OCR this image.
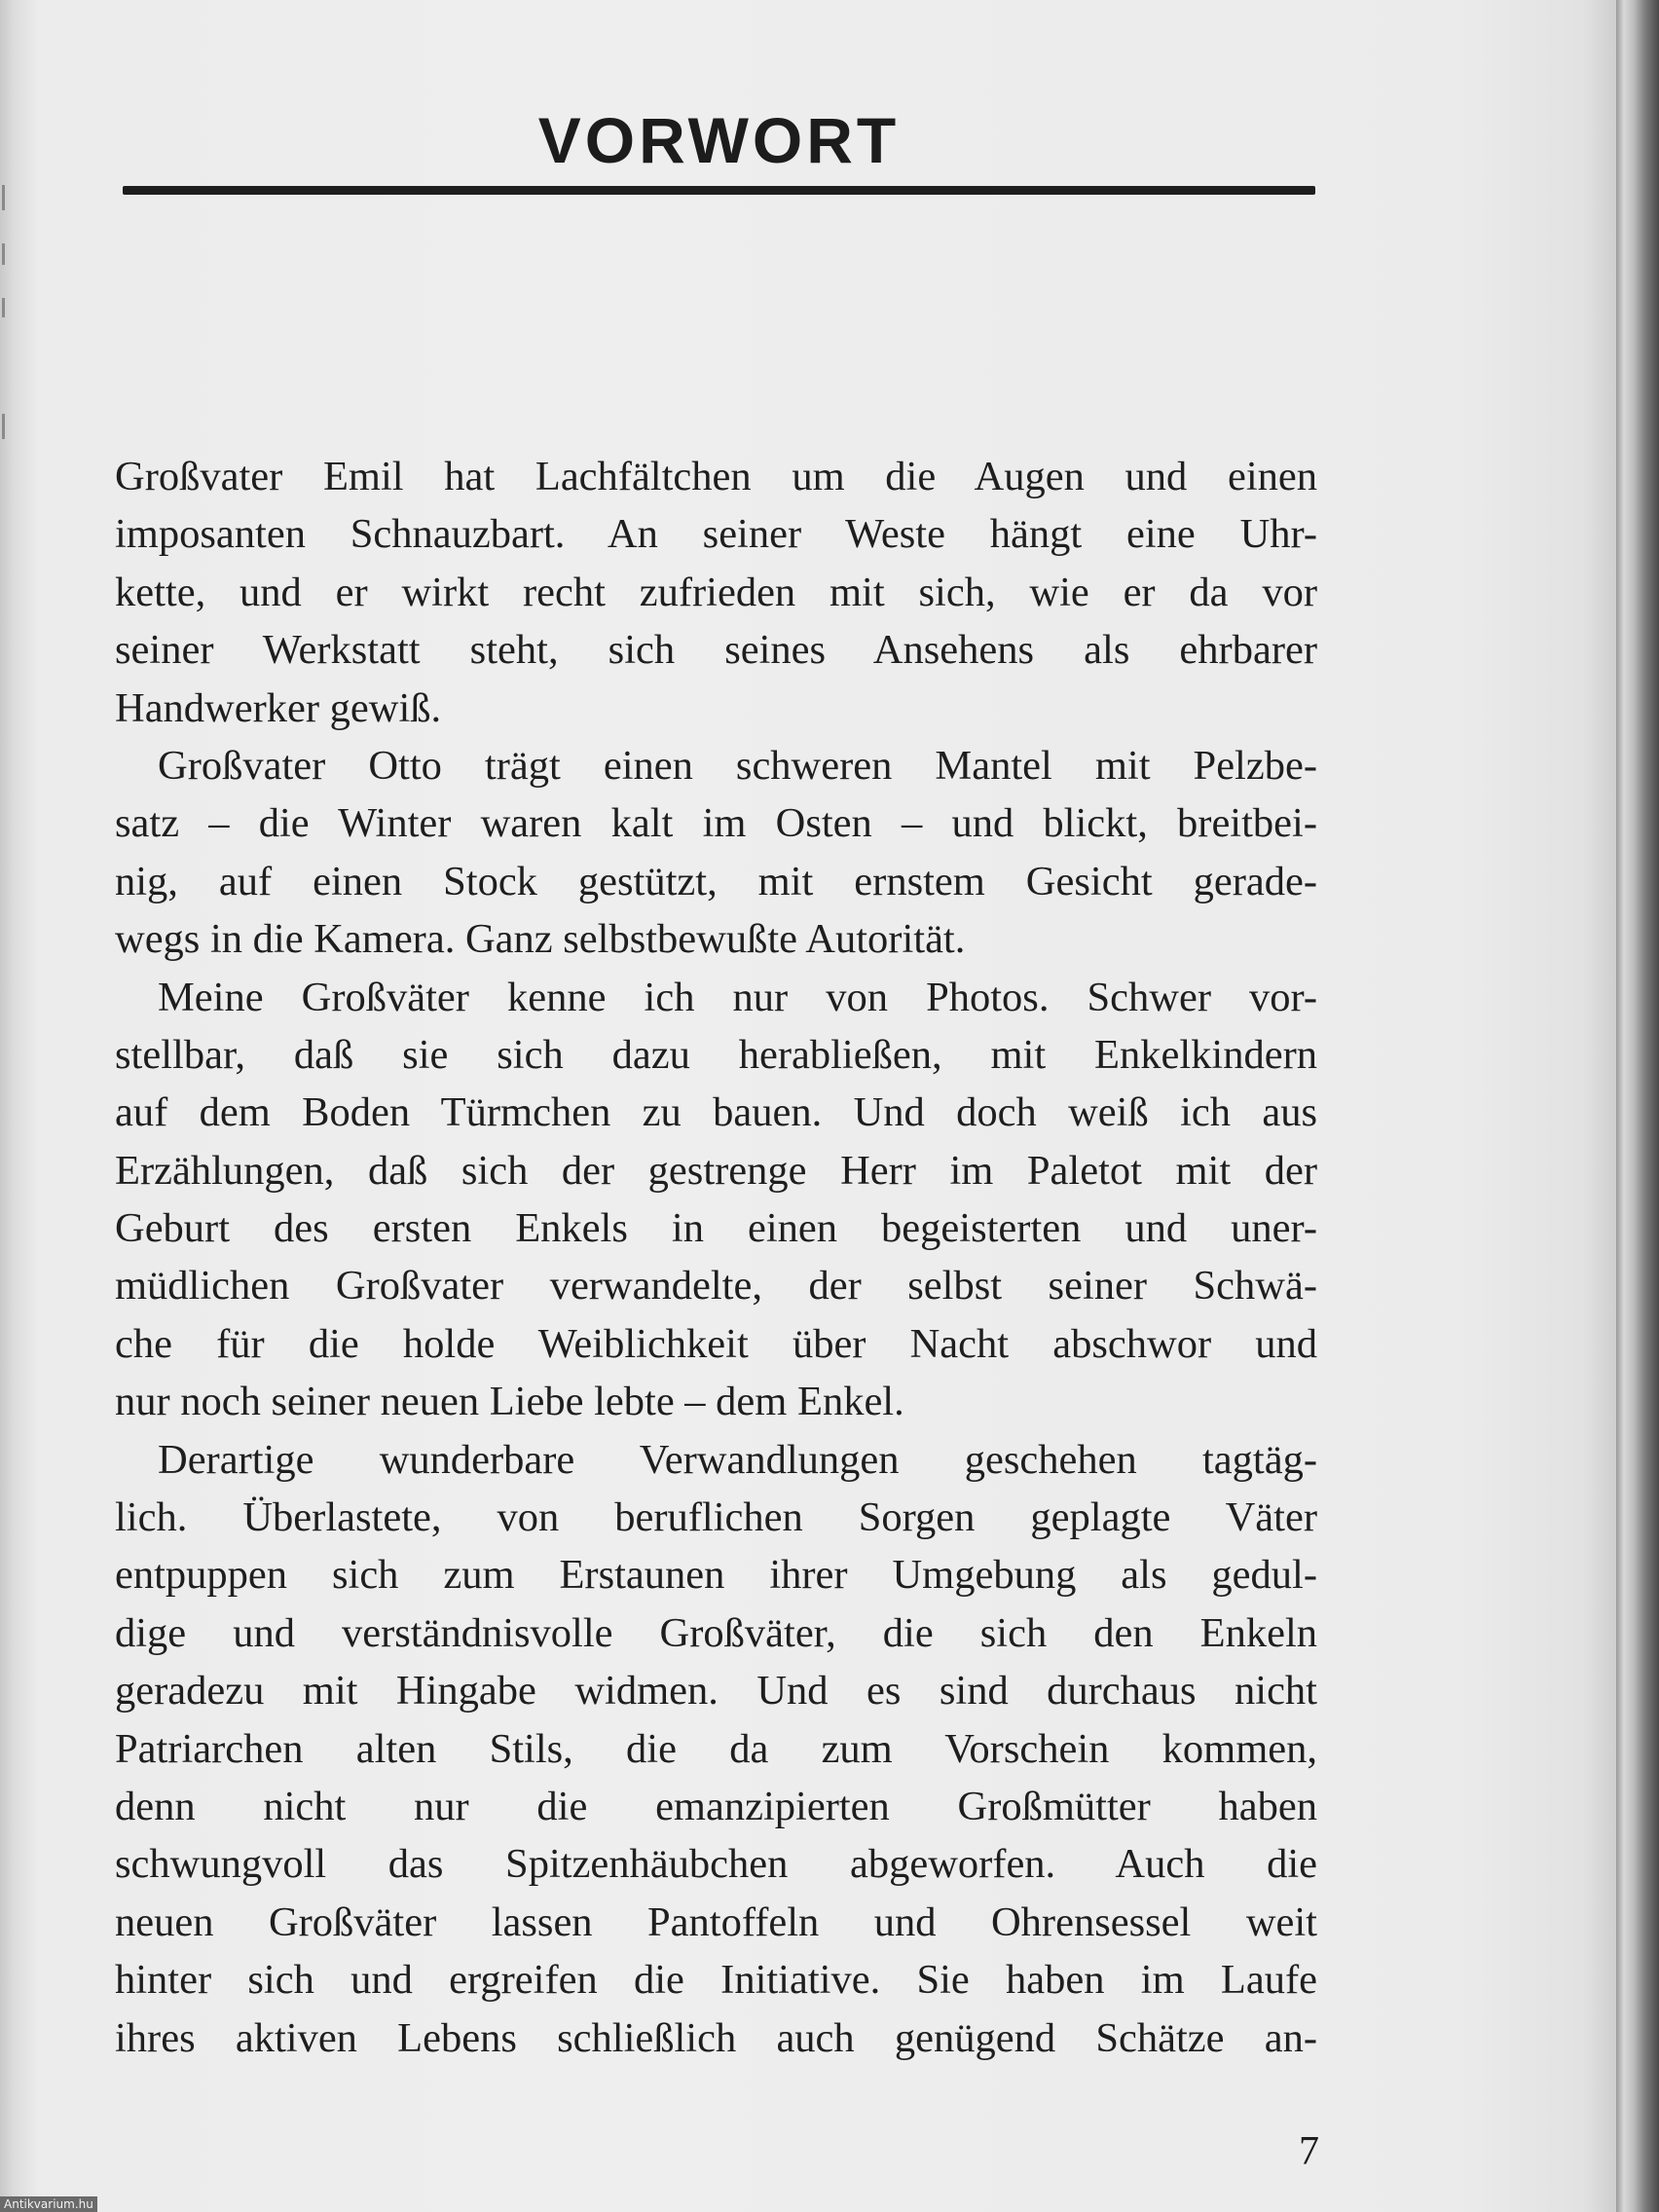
VORWORT
Großvater Emil hat Lachfältchen um die Augen und einen
imposanten Schnauzbart. An seiner Weste hängt eine Uhr-
kette, und er wirkt recht zufrieden mit sich, wie er da vor
seiner Werkstatt steht, sich seines Ansehens als ehrbarer
Handwerker gewiß.
Großvater Otto trägt einen schweren Mantel mit Pelzbe-
satz – die Winter waren kalt im Osten – und blickt, breitbei-
nig, auf einen Stock gestützt, mit ernstem Gesicht gerade-
wegs in die Kamera. Ganz selbstbewußte Autorität.
Meine Großväter kenne ich nur von Photos. Schwer vor-
stellbar, daß sie sich dazu herabließen, mit Enkelkindern
auf dem Boden Türmchen zu bauen. Und doch weiß ich aus
Erzählungen, daß sich der gestrenge Herr im Paletot mit der
Geburt des ersten Enkels in einen begeisterten und uner-
müdlichen Großvater verwandelte, der selbst seiner Schwä-
che für die holde Weiblichkeit über Nacht abschwor und
nur noch seiner neuen Liebe lebte – dem Enkel.
Derartige wunderbare Verwandlungen geschehen tagtäg-
lich. Überlastete, von beruflichen Sorgen geplagte Väter
entpuppen sich zum Erstaunen ihrer Umgebung als gedul-
dige und verständnisvolle Großväter, die sich den Enkeln
geradezu mit Hingabe widmen. Und es sind durchaus nicht
Patriarchen alten Stils, die da zum Vorschein kommen,
denn nicht nur die emanzipierten Großmütter haben
schwungvoll das Spitzenhäubchen abgeworfen. Auch die
neuen Großväter lassen Pantoffeln und Ohrensessel weit
hinter sich und ergreifen die Initiative. Sie haben im Laufe
ihres aktiven Lebens schließlich auch genügend Schätze an-
7
Antikvarium.hu
